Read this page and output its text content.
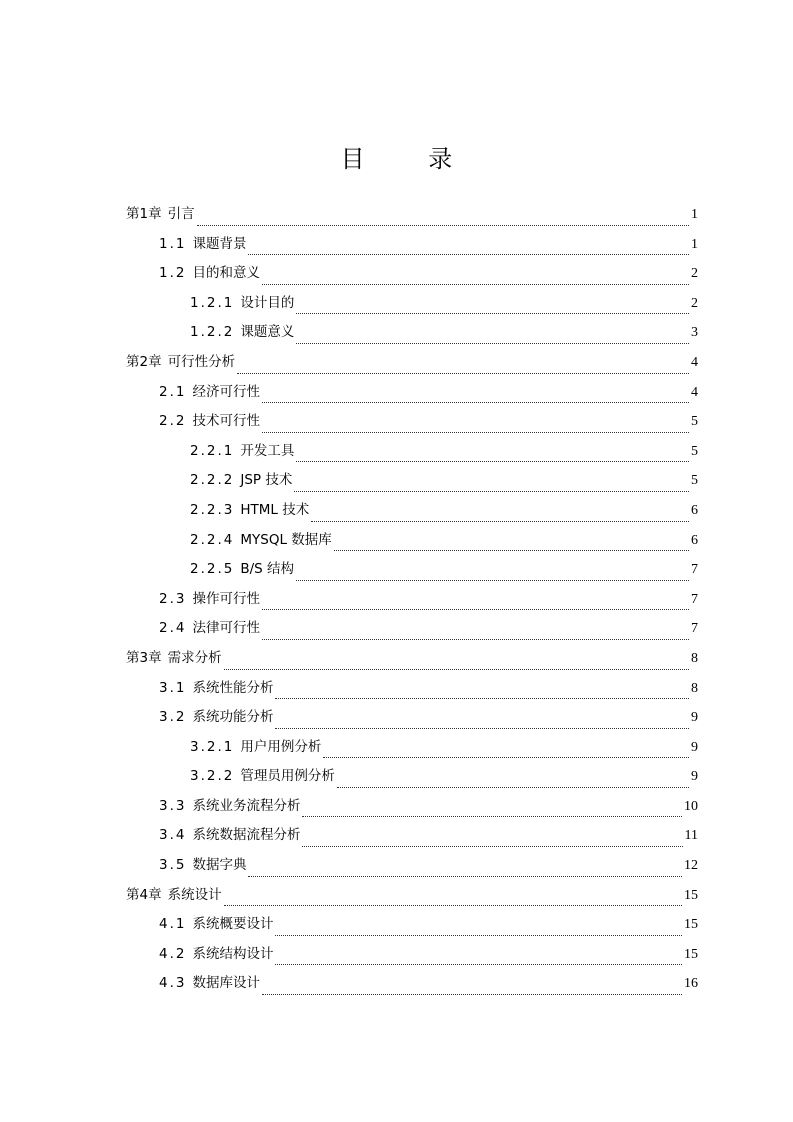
目 录
第1章 引言	1
1.1 课题背景	1
1.2 目的和意义	2
1.2.1 设计目的	2
1.2.2 课题意义	3
第2章 可行性分析	4
2.1 经济可行性	4
2.2 技术可行性	5
2.2.1 开发工具	5
2.2.2 JSP 技术	5
2.2.3 HTML 技术	6
2.2.4 MYSQL 数据库	6
2.2.5 B/S 结构	7
2.3 操作可行性	7
2.4 法律可行性	7
第3章 需求分析	8
3.1 系统性能分析	8
3.2 系统功能分析	9
3.2.1 用户用例分析	9
3.2.2 管理员用例分析	9
3.3 系统业务流程分析	10
3.4 系统数据流程分析	11
3.5 数据字典	12
第4章 系统设计	15
4.1 系统概要设计	15
4.2 系统结构设计	15
4.3 数据库设计	16
